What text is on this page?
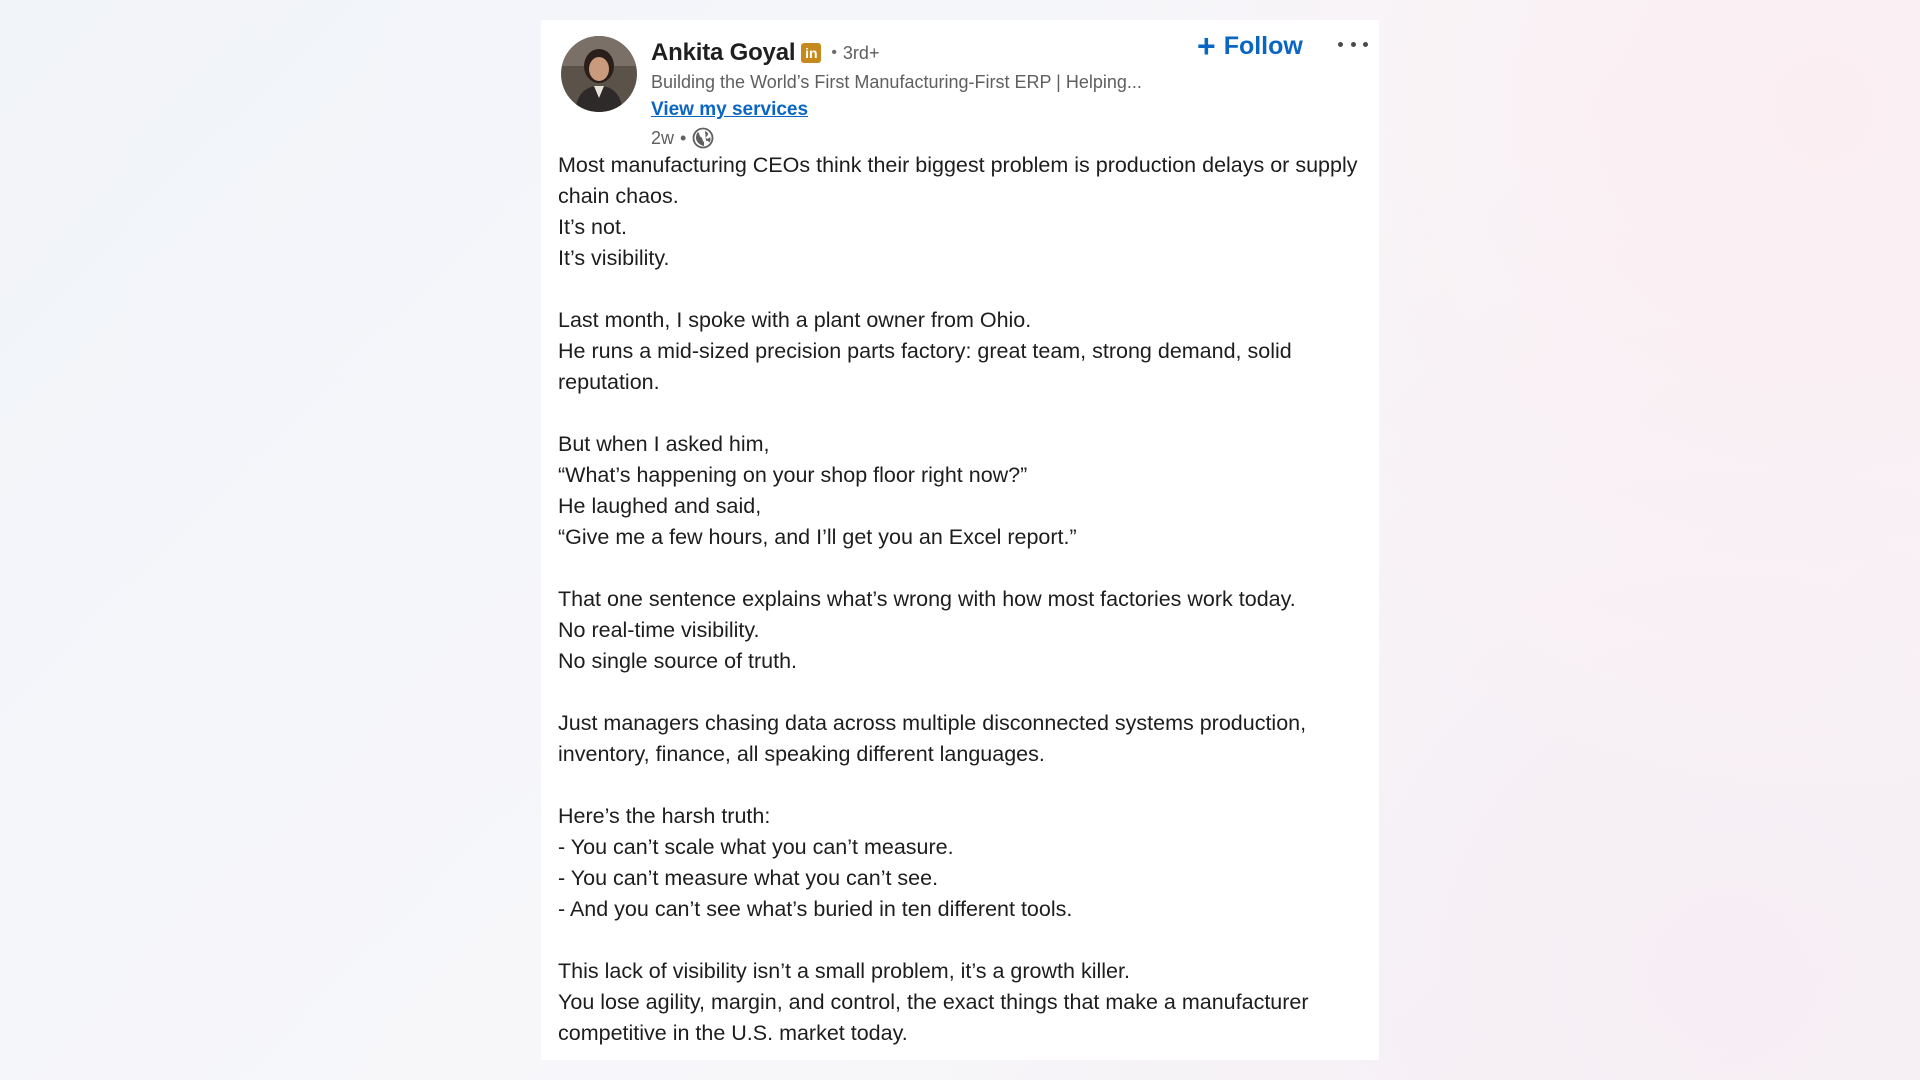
Ankita Goyal in • 3rd+
Building the World’s First Manufacturing-First ERP | Helping...
View my services
2w •
+ Follow

Most manufacturing CEOs think their biggest problem is production delays or supply chain chaos.

It’s not.

It’s visibility.

Last month, I spoke with a plant owner from Ohio.

He runs a mid-sized precision parts factory: great team, strong demand, solid reputation.

But when I asked him,

“What’s happening on your shop floor right now?”

He laughed and said,

“Give me a few hours, and I’ll get you an Excel report.”

That one sentence explains what’s wrong with how most factories work today.

No real-time visibility.

No single source of truth.

Just managers chasing data across multiple disconnected systems production, inventory, finance, all speaking different languages.

Here’s the harsh truth:

- You can’t scale what you can’t measure.

- You can’t measure what you can’t see.

- And you can’t see what’s buried in ten different tools.

This lack of visibility isn’t a small problem, it’s a growth killer.

You lose agility, margin, and control, the exact things that make a manufacturer competitive in the U.S. market today.
